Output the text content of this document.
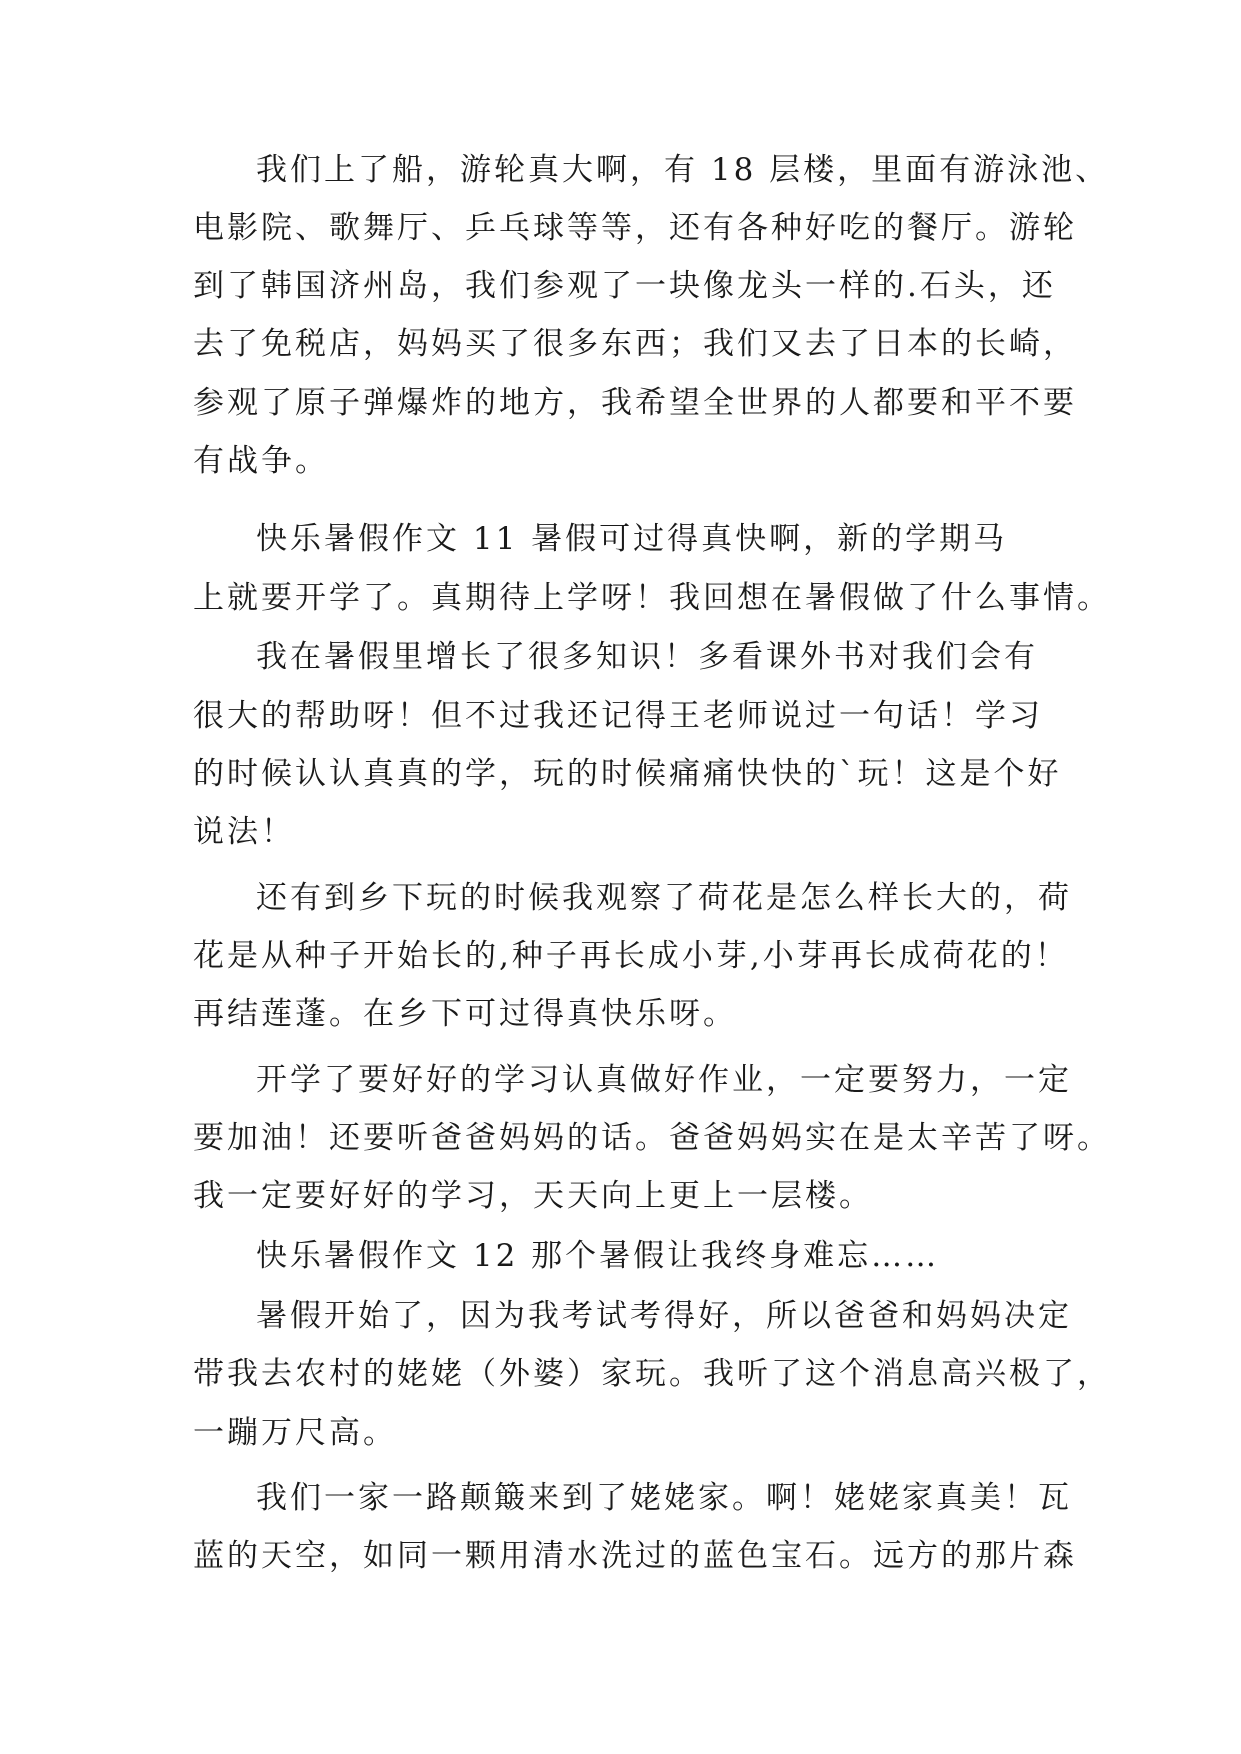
我们上了船，游轮真大啊，有 18 层楼，里面有游泳池、
电影院、歌舞厅、乒乓球等等，还有各种好吃的餐厅。游轮
到了韩国济州岛，我们参观了一块像龙头一样的.石头，还
去了免税店，妈妈买了很多东西；我们又去了日本的长崎，
参观了原子弹爆炸的地方，我希望全世界的人都要和平不要
有战争。
快乐暑假作文 11 暑假可过得真快啊，新的学期马
上就要开学了。真期待上学呀！我回想在暑假做了什么事情。
我在暑假里增长了很多知识！多看课外书对我们会有
很大的帮助呀！但不过我还记得王老师说过一句话！学习
的时候认认真真的学，玩的时候痛痛快快的`玩！这是个好
说法！
还有到乡下玩的时候我观察了荷花是怎么样长大的，荷
花是从种子开始长的,种子再长成小芽,小芽再长成荷花的！
再结莲蓬。在乡下可过得真快乐呀。
开学了要好好的学习认真做好作业，一定要努力，一定
要加油！还要听爸爸妈妈的话。爸爸妈妈实在是太辛苦了呀。
我一定要好好的学习，天天向上更上一层楼。
快乐暑假作文 12 那个暑假让我终身难忘……
暑假开始了，因为我考试考得好，所以爸爸和妈妈决定
带我去农村的姥姥（外婆）家玩。我听了这个消息高兴极了，
一蹦万尺高。
我们一家一路颠簸来到了姥姥家。啊！姥姥家真美！瓦
蓝的天空，如同一颗用清水洗过的蓝色宝石。远方的那片森
